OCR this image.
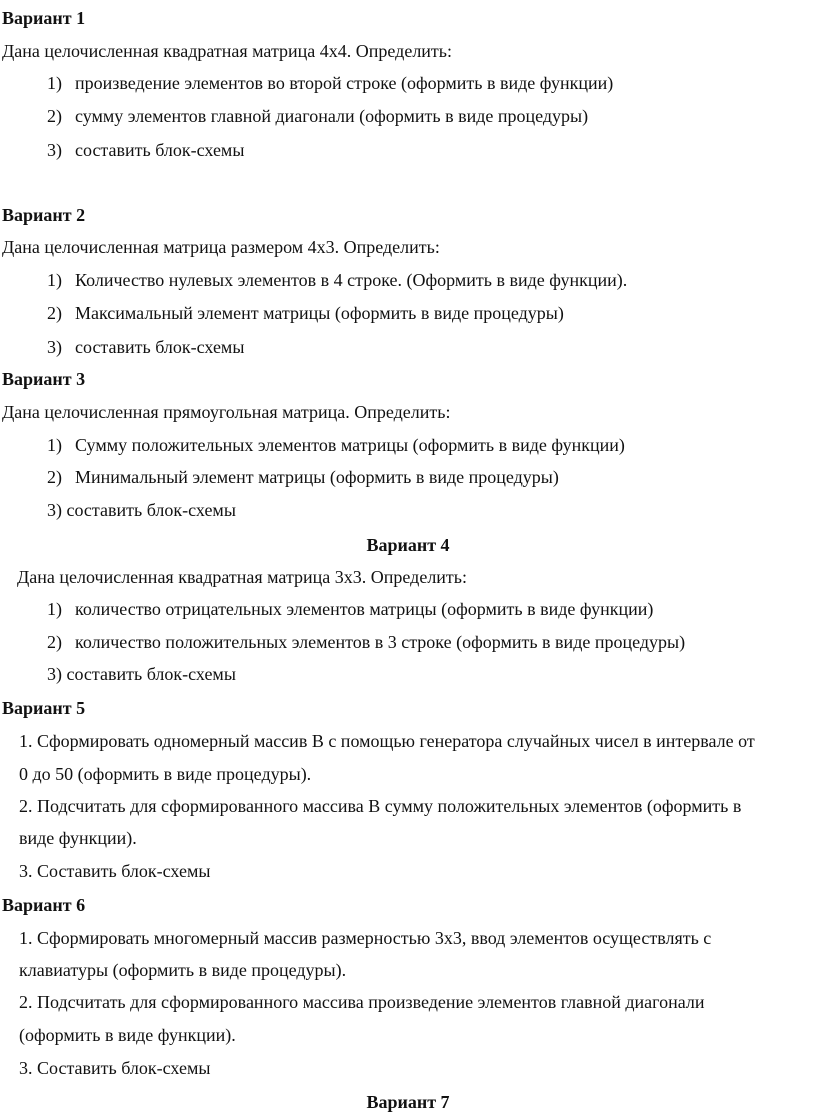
Вариант 1
Дана целочисленная квадратная матрица 4х4. Определить:
1) произведение элементов во второй строке (оформить в виде функции)
2) сумму элементов главной диагонали (оформить в виде процедуры)
3) составить блок-схемы
Вариант 2
Дана целочисленная матрица размером 4х3. Определить:
1) Количество нулевых элементов в 4 строке. (Оформить в виде функции).
2) Максимальный элемент матрицы (оформить в виде процедуры)
3) составить блок-схемы
Вариант 3
Дана целочисленная прямоугольная матрица. Определить:
1) Сумму положительных элементов матрицы (оформить в виде функции)
2) Минимальный элемент матрицы (оформить в виде процедуры)
3) составить блок-схемы
Вариант 4
Дана целочисленная квадратная матрица 3х3. Определить:
1) количество отрицательных элементов матрицы (оформить в виде функции)
2) количество положительных элементов в 3 строке (оформить в виде процедуры)
3) составить блок-схемы
Вариант 5
1. Сформировать одномерный массив В с помощью генератора случайных чисел в интервале от
0 до 50 (оформить в виде процедуры).
2. Подсчитать для сформированного массива В сумму положительных элементов (оформить в
виде функции).
3. Составить блок-схемы
Вариант 6
1. Сформировать многомерный массив размерностью 3х3, ввод элементов осуществлять с
клавиатуры (оформить в виде процедуры).
2. Подсчитать для сформированного массива произведение элементов главной диагонали
(оформить в виде функции).
3. Составить блок-схемы
Вариант 7
